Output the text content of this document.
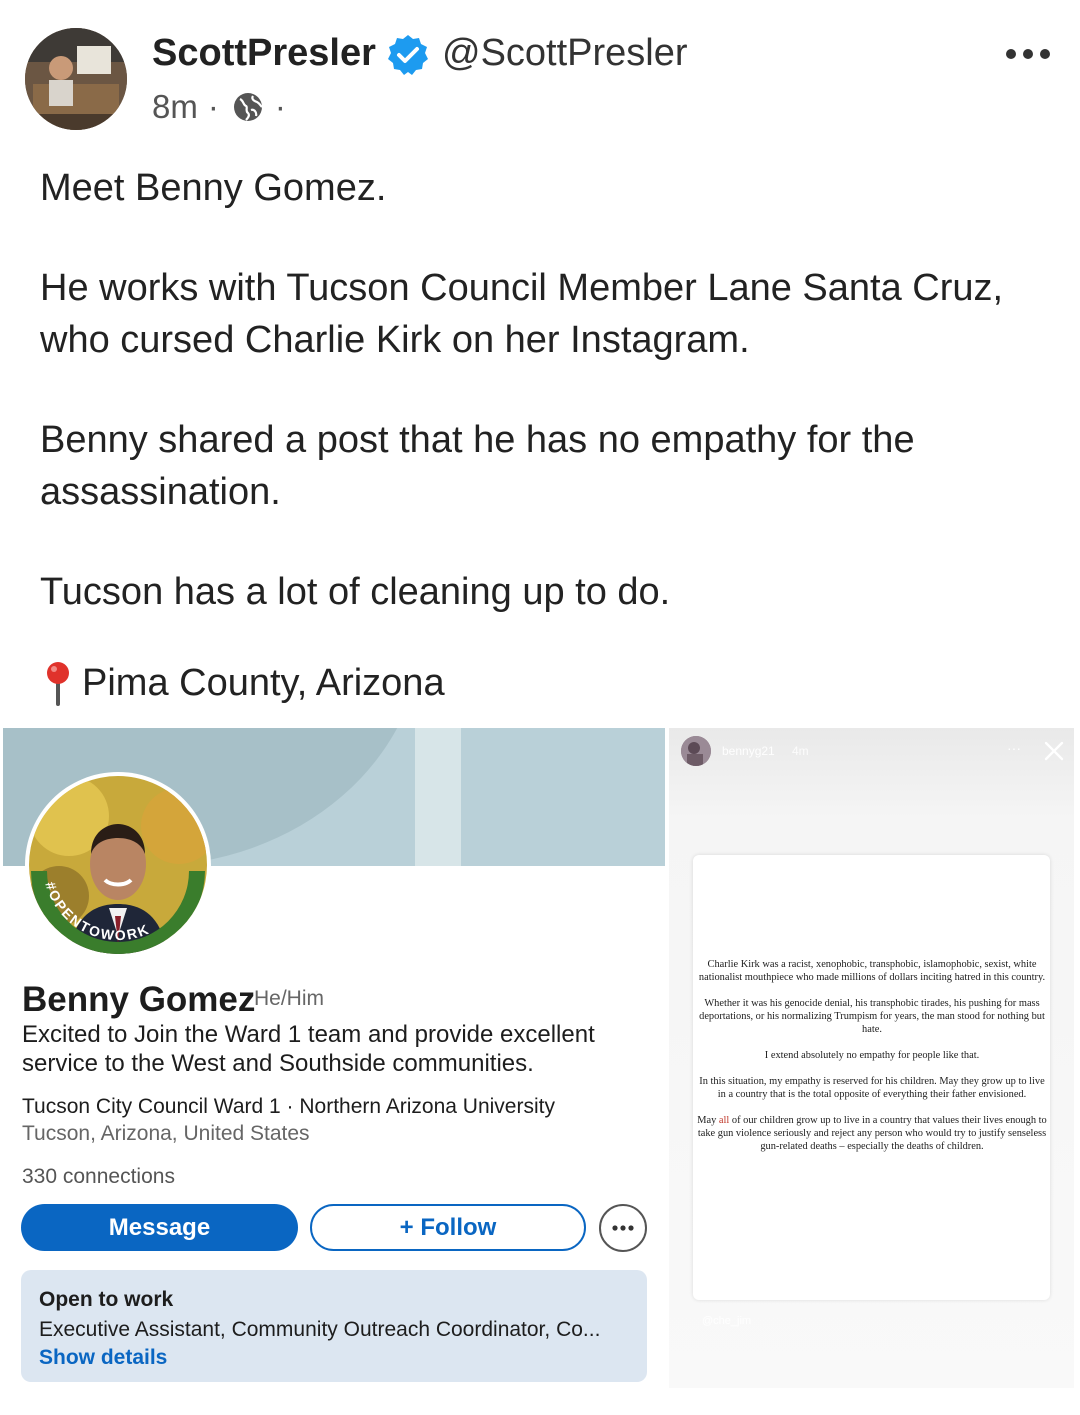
ScottPresler @ScottPresler
8m · ·

Meet Benny Gomez.

He works with Tucson Council Member Lane Santa Cruz, who cursed Charlie Kirk on her Instagram.

Benny shared a post that he has no empathy for the assassination.

Tucson has a lot of cleaning up to do.

Pima County, Arizona
#OPENTOWORK
Benny Gomez
He/Him
Excited to Join the Ward 1 team and provide excellent service to the West and Southside communities.
Tucson City Council Ward 1 · Northern Arizona University
Tucson, Arizona, United States
330 connections
Message	+ Follow
Open to work
Executive Assistant, Community Outreach Coordinator, Co...
Show details
bennyg21 4m	···

Charlie Kirk was a racist, xenophobic, transphobic, islamophobic, sexist, white nationalist mouthpiece who made millions of dollars inciting hatred in this country.

Whether it was his genocide denial, his transphobic tirades, his pushing for mass deportations, or his normalizing Trumpism for years, the man stood for nothing but hate.

I extend absolutely no empathy for people like that.

In this situation, my empathy is reserved for his children. May they grow up to live in a country that is the total opposite of everything their father envisioned.

May all of our children grow up to live in a country that values their lives enough to take gun violence seriously and reject any person who would try to justify senseless gun-related deaths – especially the deaths of children.

@che_jim
